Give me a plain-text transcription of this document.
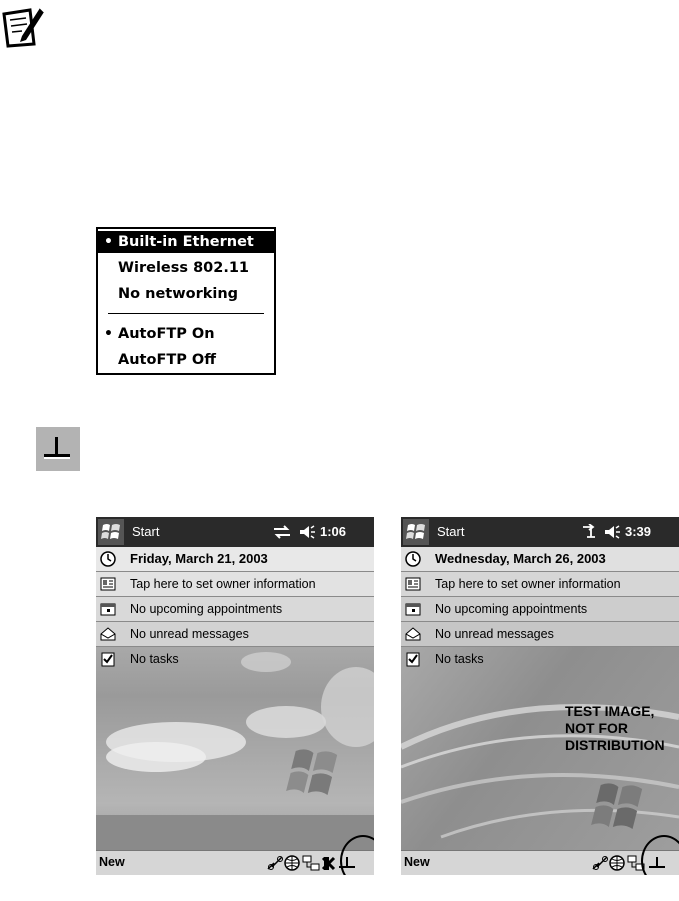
• Built-in Ethernet
Wireless 802.11
No networking
• AutoFTP On
AutoFTP Off
Start	1:06
Friday, March 21, 2003
Tap here to set owner information
No upcoming appointments
No unread messages
No tasks
New
Start	3:39
Wednesday, March 26, 2003
Tap here to set owner information
No upcoming appointments
No unread messages
No tasks
TEST IMAGE,
NOT FOR
DISTRIBUTION
New
